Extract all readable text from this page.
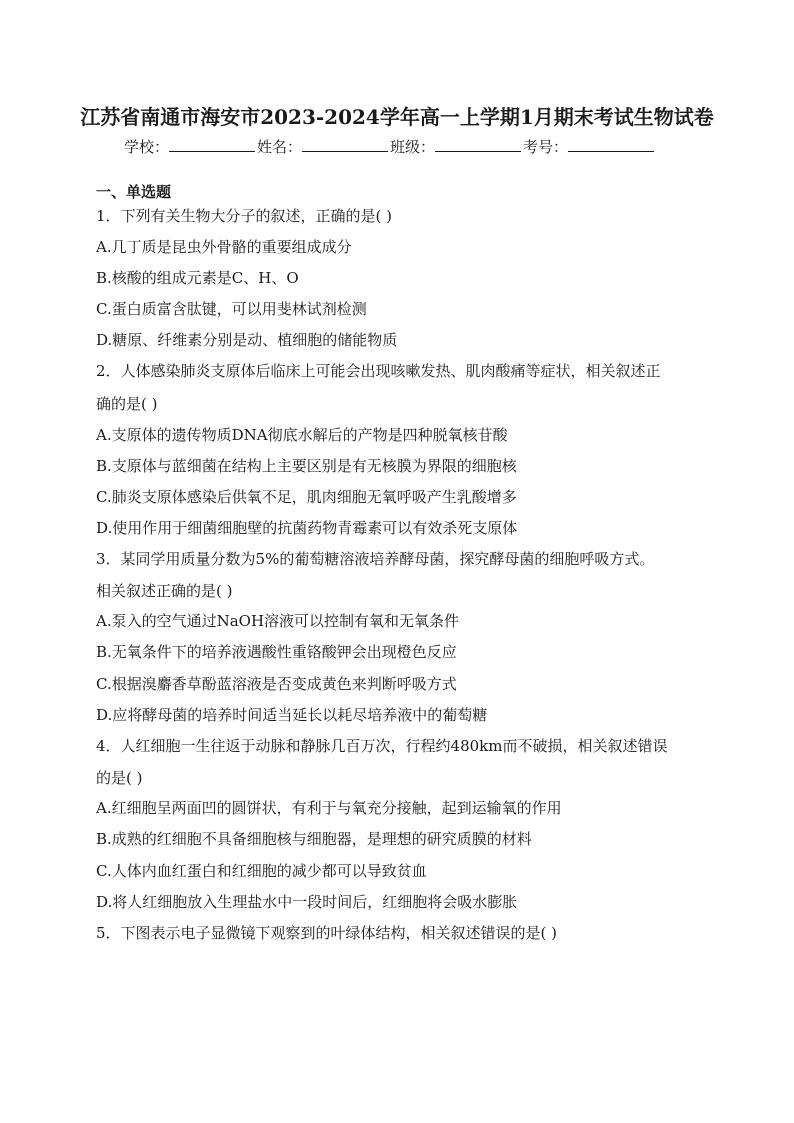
江苏省南通市海安市2023-2024学年高一上学期1月期末考试生物试卷
学校：	姓名：	班级：	考号：
一、单选题
1．下列有关生物大分子的叙述，正确的是( )
A.几丁质是昆虫外骨骼的重要组成成分
B.核酸的组成元素是C、H、O
C.蛋白质富含肽键，可以用斐林试剂检测
D.糖原、纤维素分别是动、植细胞的储能物质
2．人体感染肺炎支原体后临床上可能会出现咳嗽发热、肌肉酸痛等症状，相关叙述正
确的是( )
A.支原体的遗传物质DNA彻底水解后的产物是四种脱氧核苷酸
B.支原体与蓝细菌在结构上主要区别是有无核膜为界限的细胞核
C.肺炎支原体感染后供氧不足，肌肉细胞无氧呼吸产生乳酸增多
D.使用作用于细菌细胞壁的抗菌药物青霉素可以有效杀死支原体
3．某同学用质量分数为5%的葡萄糖溶液培养酵母菌，探究酵母菌的细胞呼吸方式。
相关叙述正确的是( )
A.泵入的空气通过NaOH溶液可以控制有氧和无氧条件
B.无氧条件下的培养液遇酸性重铬酸钾会出现橙色反应
C.根据溴麝香草酚蓝溶液是否变成黄色来判断呼吸方式
D.应将酵母菌的培养时间适当延长以耗尽培养液中的葡萄糖
4．人红细胞一生往返于动脉和静脉几百万次，行程约480km而不破损，相关叙述错误
的是( )
A.红细胞呈两面凹的圆饼状，有利于与氧充分接触，起到运输氧的作用
B.成熟的红细胞不具备细胞核与细胞器，是理想的研究质膜的材料
C.人体内血红蛋白和红细胞的减少都可以导致贫血
D.将人红细胞放入生理盐水中一段时间后，红细胞将会吸水膨胀
5．下图表示电子显微镜下观察到的叶绿体结构，相关叙述错误的是( )
